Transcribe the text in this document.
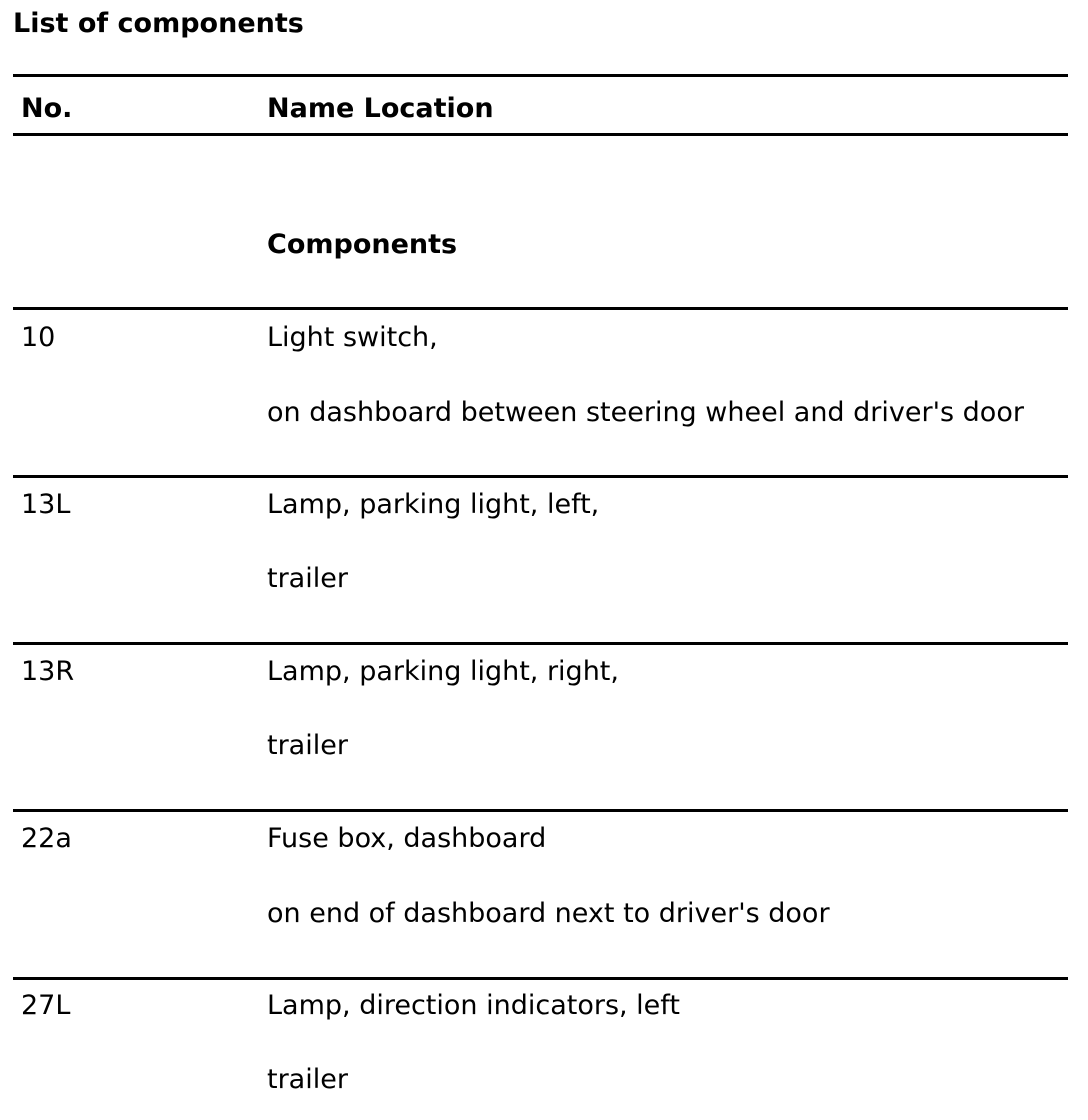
List of components
No.	Name Location
Components
10	Light switch,
on dashboard between steering wheel and driver's door
13L	Lamp, parking light, left,
trailer
13R	Lamp, parking light, right,
trailer
22a	Fuse box, dashboard
on end of dashboard next to driver's door
27L	Lamp, direction indicators, left
trailer
